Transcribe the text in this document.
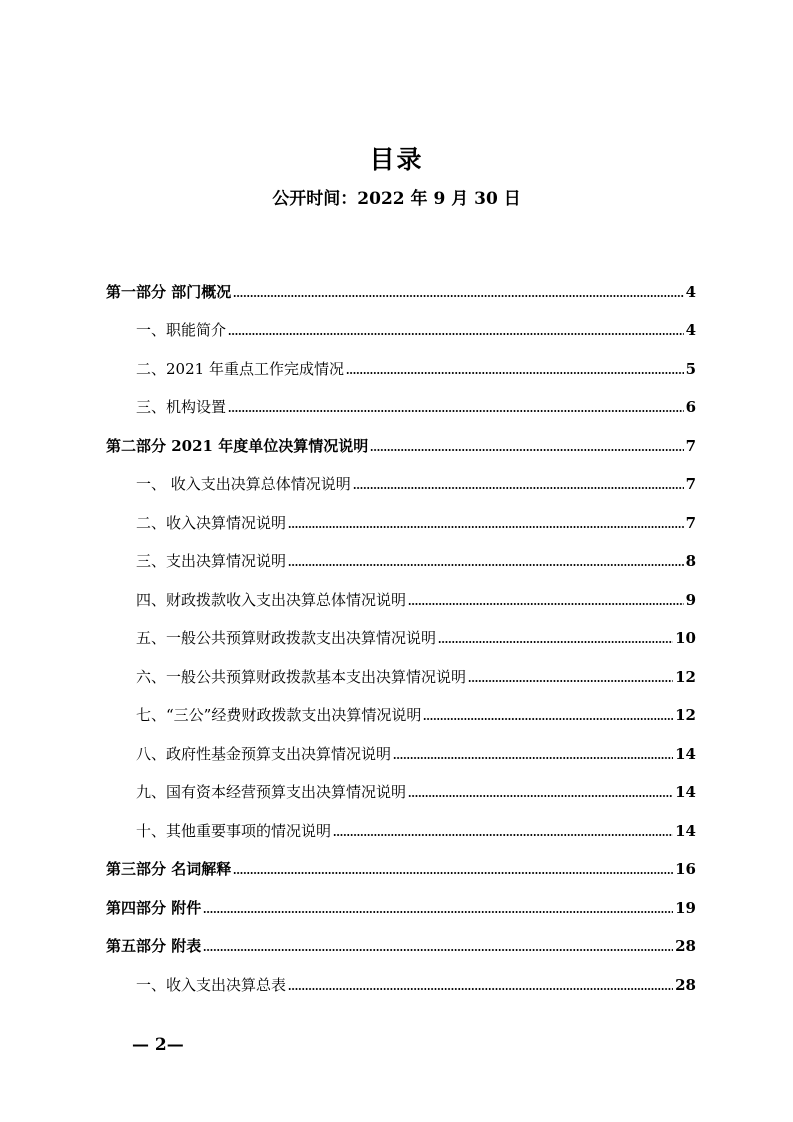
目录
公开时间：2022 年 9 月 30 日
第一部分 部门概况	4
一、职能简介	4
二、2021 年重点工作完成情况	5
三、机构设置	6
第二部分 2021 年度单位决算情况说明	7
一、 收入支出决算总体情况说明	7
二、收入决算情况说明	7
三、支出决算情况说明	8
四、财政拨款收入支出决算总体情况说明	9
五、一般公共预算财政拨款支出决算情况说明	10
六、一般公共预算财政拨款基本支出决算情况说明	12
七、“三公”经费财政拨款支出决算情况说明	12
八、政府性基金预算支出决算情况说明	14
九、国有资本经营预算支出决算情况说明	14
十、其他重要事项的情况说明	14
第三部分 名词解释	16
第四部分 附件	19
第五部分 附表	28
一、收入支出决算总表	28
— 2—
